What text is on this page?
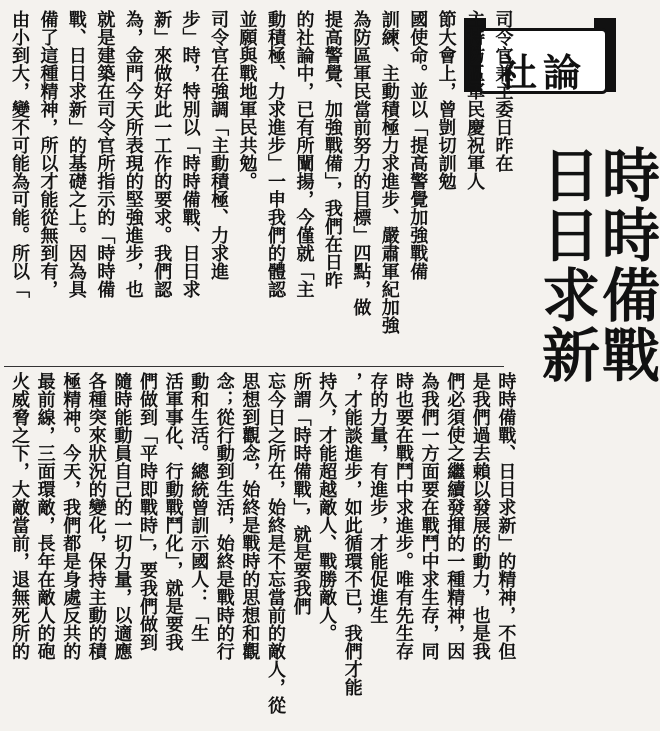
社論
時時備戰
日日求新
司令官兼主委日昨在
主持防區軍民慶祝軍人
節大會上，曾剴切訓勉
國使命。並以「提高警覺加強戰備
訓練、主動積極力求進步、嚴肅軍紀加強
為防區軍民當前努力的目標」四點，做
提高警覺、加強戰備」，我們在日昨
的社論中，已有所闡揚，今僅就「主
動積極、力求進步」一申我們的體認
並願與戰地軍民共勉。
司令官在強調「主動積極、力求進
步」時，特別以「時時備戰、日日求
新」來做好此一工作的要求。我們認
為，金門今天所表現的堅強進步，也
就是建築在司令官所指示的「時時備
戰、日日求新」的基礎之上。因為具
備了這種精神，所以才能從無到有，
由小到大，變不可能為可能。所以「
時時備戰、日日求新」的精神，不但
是我們過去賴以發展的動力，也是我
們必須使之繼續發揮的一種精神，因
為我們一方面要在戰鬥中求生存，同
時也要在戰鬥中求進步。唯有先生存
存的力量，有進步，才能促進生
，才能談進步，如此循環不已，我們才能
持久，才能超越敵人、戰勝敵人。
所謂「時時備戰」，就是要我們
忘今日之所在，始終是不忘當前的敵人，從
思想到觀念，始終是戰時的思想和觀
念；從行動到生活，始終是戰時的行
動和生活。總統曾訓示國人：「生
活軍事化、行動戰鬥化」，就是要我
們做到「平時即戰時」，要我們做到
隨時能動員自己的一切力量，以適應
各種突來狀況的變化，保持主動的積
極精神。今天，我們都是身處反共的
最前線，三面環敵，長年在敵人的砲
火威脅之下，大敵當前，退無死所的
